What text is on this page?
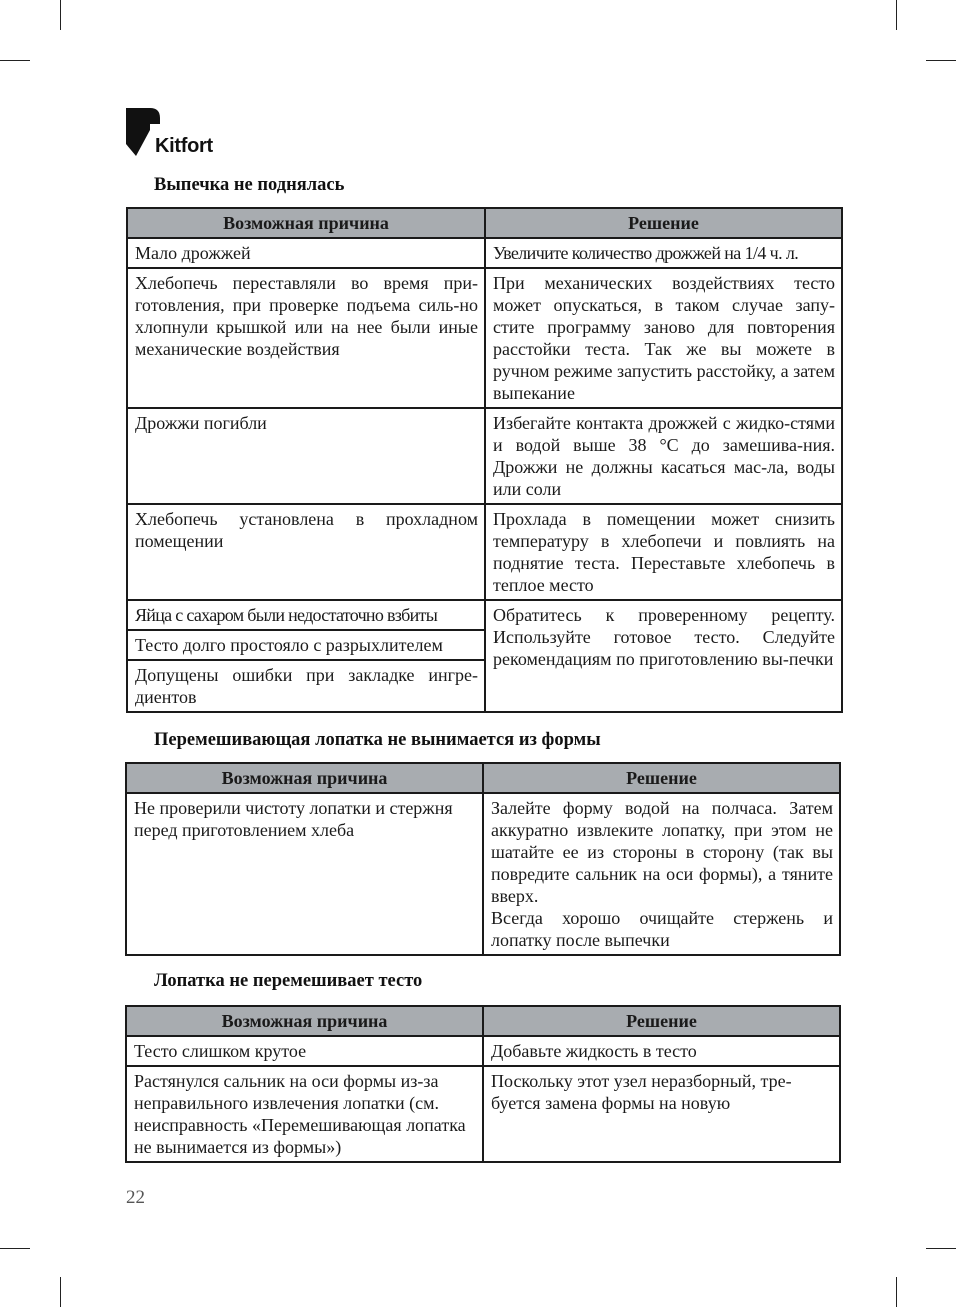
Kitfort
Выпечка не поднялась
Возможная причина	Решение
Мало дрожжей	Увеличите количество дрожжей на 1/4 ч. л.
Хлебопечь переставляли во время при-готовления, при проверке подъема силь-но хлопнули крышкой или на нее были иные механические воздействия	При механических воздействиях тесто может опускаться, в таком случае запу-стите программу заново для повторения расстойки теста. Так же вы можете в ручном режиме запустить расстойку, а затем выпекание
Дрожжи погибли	Избегайте контакта дрожжей с жидко-стями и водой выше 38 °C до замешива-ния. Дрожжи не должны касаться мас-ла, воды или соли
Хлебопечь установлена в прохладном помещении	Прохлада в помещении может снизить температуру в хлебопечи и повлиять на поднятие теста. Переставьте хлебопечь в теплое место
Яйца с сахаром были недостаточно взбиты	Обратитесь к проверенному рецепту. Используйте готовое тесто. Следуйте рекомендациям по приготовлению вы-печки
Тесто долго простояло с разрыхлителем	
Допущены ошибки при закладке ингре-диентов	
Перемешивающая лопатка не вынимается из формы
Возможная причина	Решение
Не проверили чистоту лопатки и стержня перед приготовлением хлеба	Залейте форму водой на полчаса. Затем аккуратно извлеките лопатку, при этом не шатайте ее из стороны в сторону (так вы повредите сальник на оси формы), а тяните вверх.
Всегда хорошо очищайте стержень и лопатку после выпечки
Лопатка не перемешивает тесто
Возможная причина	Решение
Тесто слишком крутое	Добавьте жидкость в тесто
Растянулся сальник на оси формы из-за неправильного извлечения лопатки (см. неисправность «Перемешивающая лопатка не вынимается из формы»)	Поскольку этот узел неразборный, тре-буется замена формы на новую
22
